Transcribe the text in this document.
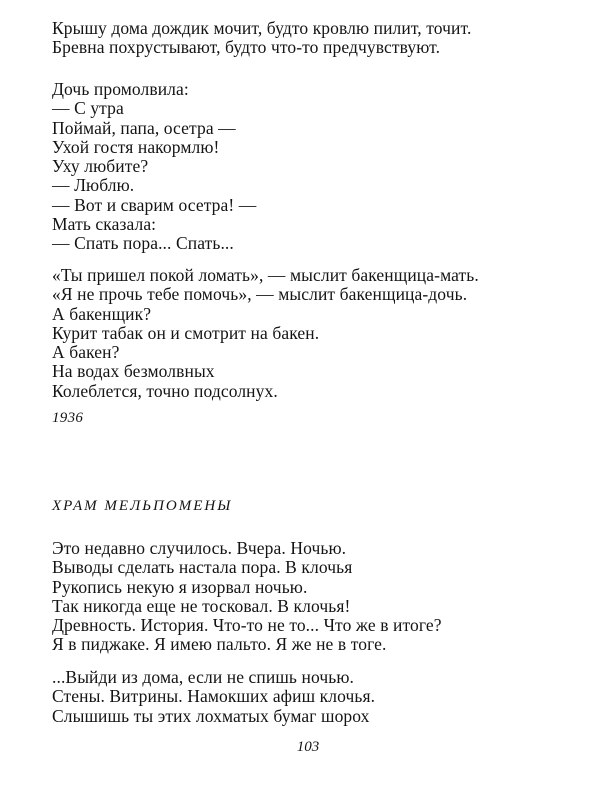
Крышу дома дождик мочит, будто кровлю пилит, точит.
Бревна похрустывают, будто что-то предчувствуют.
Дочь промолвила:
— С утра
Поймай, папа, осетра —
Ухой гостя накормлю!
Уху любите?
— Люблю.
— Вот и сварим осетра! —
Мать сказала:
— Спать пора... Спать...
«Ты пришел покой ломать», — мыслит бакенщица-мать.
«Я не прочь тебе помочь», — мыслит бакенщица-дочь.
А бакенщик?
Курит табак он и смотрит на бакен.
А бакен?
На водах безмолвных
Колеблется, точно подсолнух.
1936
ХРАМ МЕЛЬПОМЕНЫ
Это недавно случилось. Вчера. Ночью.
Выводы сделать настала пора. В клочья
Рукопись некую я изорвал ночью.
Так никогда еще не тосковал. В клочья!
Древность. История. Что-то не то... Что же в итоге?
Я в пиджаке. Я имею пальто. Я же не в тоге.
...Выйди из дома, если не спишь ночью.
Стены. Витрины. Намокших афиш клочья.
Слышишь ты этих лохматых бумаг шорох
103
